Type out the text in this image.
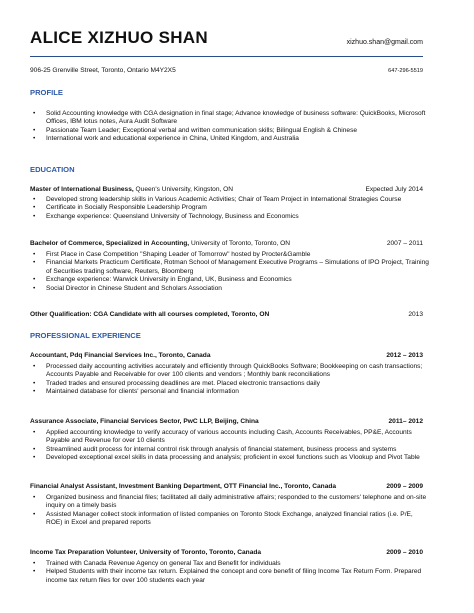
ALICE XIZHUO SHAN	xizhuo.shan@gmail.com
906-25 Grenville Street, Toronto, Ontario M4Y2X5	647-296-5519
PROFILE
• Solid Accounting knowledge with CGA designation in final stage; Advance knowledge of business software: QuickBooks, Microsoft Offices, IBM lotus notes, Aura Audit Software
• Passionate Team Leader; Exceptional verbal and written communication skills; Bilingual English & Chinese
• International work and educational experience in China, United Kingdom, and Australia
EDUCATION
Master of International Business, Queen's University, Kingston, ON	Expected July 2014
• Developed strong leadership skills in Various Academic Activities; Chair of Team Project in International Strategies Course
• Certificate in Socially Responsible Leadership Program
• Exchange experience: Queensland University of Technology, Business and Economics
Bachelor of Commerce, Specialized in Accounting, University of Toronto, Toronto, ON	2007 – 2011
• First Place in Case Competition "Shaping Leader of Tomorrow" hosted by Procter&Gamble
• Financial Markets Practicum Certificate, Rotman School of Management Executive Programs – Simulations of IPO Project, Training of Securities trading software, Reuters, Bloomberg
• Exchange experience: Warwick University in England, UK, Business and Economics
• Social Director in Chinese Student and Scholars Association
Other Qualification: CGA Candidate with all courses completed, Toronto, ON	2013
PROFESSIONAL EXPERIENCE
Accountant, Pdq Financial Services Inc., Toronto, Canada	2012 – 2013
• Processed daily accounting activities accurately and efficiently through QuickBooks Software; Bookkeeping on cash transactions; Accounts Payable and Receivable for over 100 clients and vendors ; Monthly bank reconciliations
• Traded trades and ensured processing deadlines are met. Placed electronic transactions daily
• Maintained database for clients' personal and financial information
Assurance Associate, Financial Services Sector, PwC LLP, Beijing, China	2011– 2012
• Applied accounting knowledge to verify accuracy of various accounts including Cash, Accounts Receivables, PP&E, Accounts Payable and Revenue for over 10 clients
• Streamlined audit process for internal control risk through analysis of financial statement, business process and systems
• Developed exceptional excel skills in data processing and analysis; proficient in excel functions such as Vlookup and Pivot Table
Financial Analyst Assistant, Investment Banking Department, OTT Financial Inc., Toronto, Canada	2009 – 2009
• Organized business and financial files; facilitated all daily administrative affairs; responded to the customers' telephone and on-site inquiry on a timely basis
• Assisted Manager collect stock information of listed companies on Toronto Stock Exchange, analyzed financial ratios (i.e. P/E, ROE) in Excel and prepared reports
Income Tax Preparation Volunteer, University of Toronto, Toronto, Canada	2009 – 2010
• Trained with Canada Revenue Agency on general Tax and Benefit for individuals
• Helped Students with their income tax return. Explained the concept and core benefit of filing Income Tax Return Form. Prepared income tax return files for over 100 students each year
